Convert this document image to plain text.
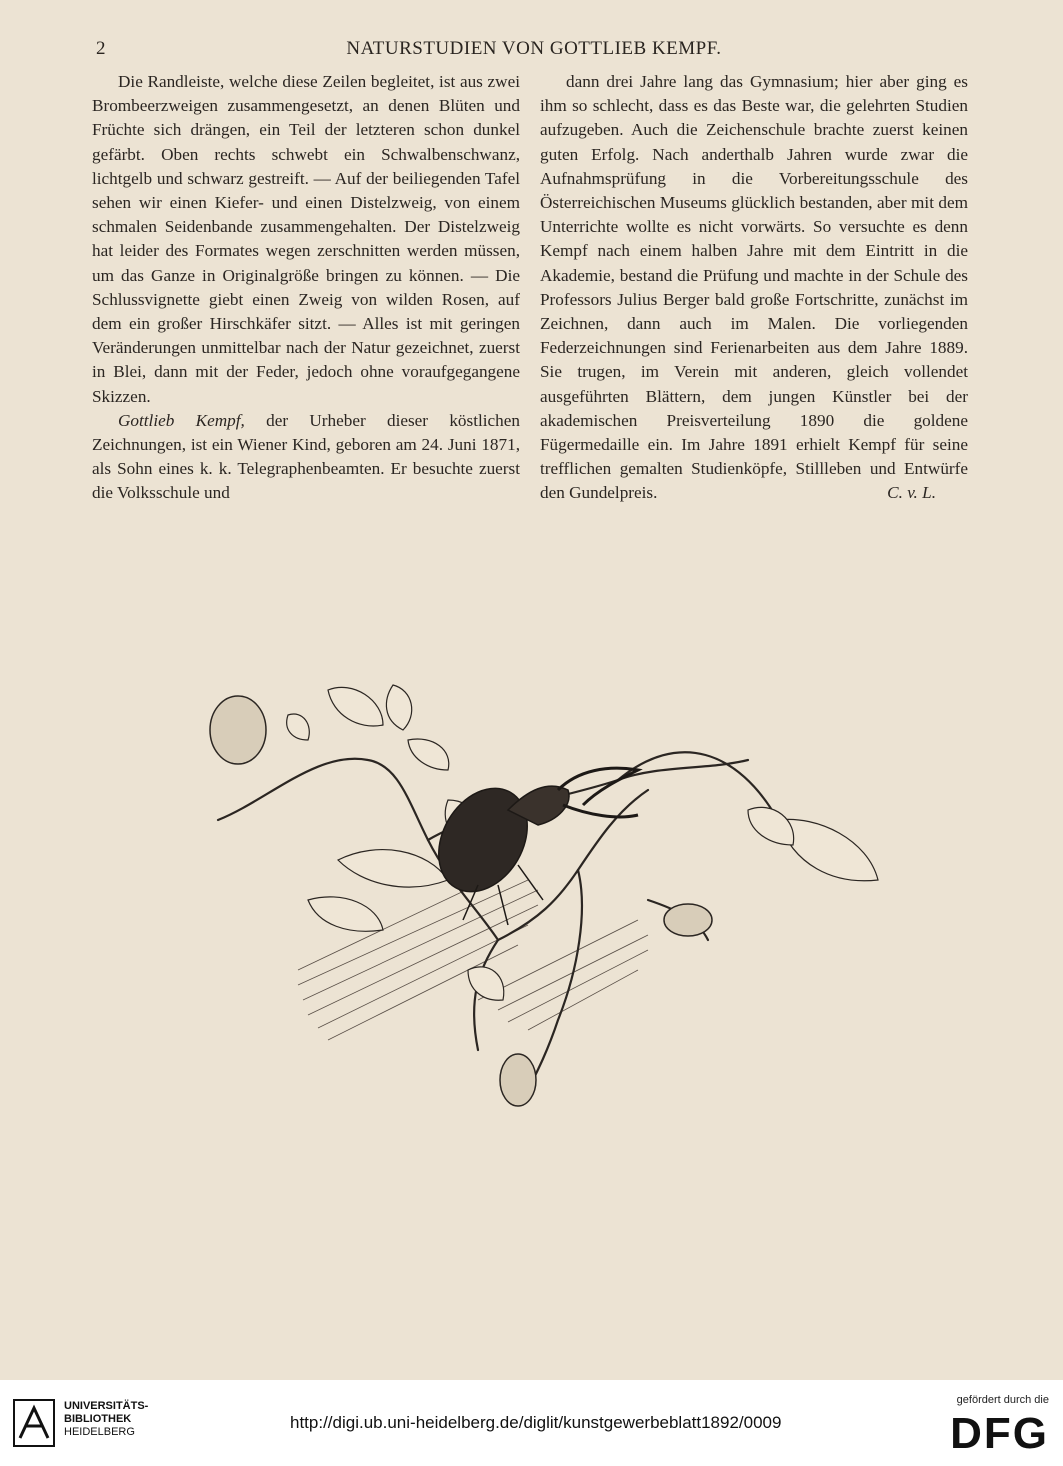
2	NATURSTUDIEN VON GOTTLIEB KEMPF.

Die Randleiste, welche diese Zeilen begleitet, ist aus zwei Brombeerzweigen zusammengesetzt, an denen Blüten und Früchte sich drängen, ein Teil der letzteren schon dunkel gefärbt. Oben rechts schwebt ein Schwalbenschwanz, lichtgelb und schwarz gestreift. — Auf der beiliegenden Tafel sehen wir einen Kiefer- und einen Distelzweig, von einem schmalen Seidenbande zusammengehalten. Der Distelzweig hat leider des Formates wegen zerschnitten werden müssen, um das Ganze in Originalgröße bringen zu können. — Die Schlussvignette giebt einen Zweig von wilden Rosen, auf dem ein großer Hirschkäfer sitzt. — Alles ist mit geringen Veränderungen unmittelbar nach der Natur gezeichnet, zuerst in Blei, dann mit der Feder, jedoch ohne voraufgegangene Skizzen.

Gottlieb Kempf, der Urheber dieser köstlichen Zeichnungen, ist ein Wiener Kind, geboren am 24. Juni 1871, als Sohn eines k. k. Telegraphenbeamten. Er besuchte zuerst die Volksschule und

dann drei Jahre lang das Gymnasium; hier aber ging es ihm so schlecht, dass es das Beste war, die gelehrten Studien aufzugeben. Auch die Zeichenschule brachte zuerst keinen guten Erfolg. Nach anderthalb Jahren wurde zwar die Aufnahmsprüfung in die Vorbereitungsschule des Österreichischen Museums glücklich bestanden, aber mit dem Unterrichte wollte es nicht vorwärts. So versuchte es denn Kempf nach einem halben Jahre mit dem Eintritt in die Akademie, bestand die Prüfung und machte in der Schule des Professors Julius Berger bald große Fortschritte, zunächst im Zeichnen, dann auch im Malen. Die vorliegenden Federzeichnungen sind Ferienarbeiten aus dem Jahre 1889. Sie trugen, im Verein mit anderen, gleich vollendet ausgeführten Blättern, dem jungen Künstler bei der akademischen Preisverteilung 1890 die goldene Fügermedaille ein. Im Jahre 1891 erhielt Kempf für seine trefflichen gemalten Studienköpfe, Stillleben und Entwürfe den Gundelpreis.	C. v. L.

UNIVERSITÄTS-
BIBLIOTHEK
HEIDELBERG	http://digi.ub.uni-heidelberg.de/diglit/kunstgewerbeblatt1892/0009
gefördert durch die
DFG
